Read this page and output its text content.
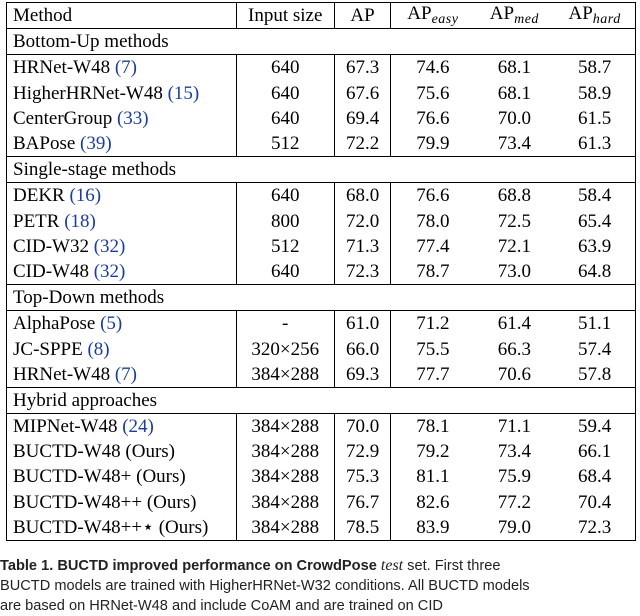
Method	Input size	AP	$AP_{easy}$	$AP_{med}$	$AP_{hard}$
Bottom-Up methods					
HRNet-W48 (7)	640	67.3	74.6	68.1	58.7
HigherHRNet-W48 (15)	640	67.6	75.6	68.1	58.9
CenterGroup (33)	640	69.4	76.6	70.0	61.5
BAPose (39)	512	72.2	79.9	73.4	61.3
Single-stage methods					
DEKR (16)	640	68.0	76.6	68.8	58.4
PETR (18)	800	72.0	78.0	72.5	65.4
CID-W32 (32)	512	71.3	77.4	72.1	63.9
CID-W48 (32)	640	72.3	78.7	73.0	64.8
Top-Down methods					
AlphaPose (5)	-	61.0	71.2	61.4	51.1
JC-SPPE (8)	320×256	66.0	75.5	66.3	57.4
HRNet-W48 (7)	384×288	69.3	77.7	70.6	57.8
Hybrid approaches					
MIPNet-W48 (24)	384×288	70.0	78.1	71.1	59.4
BUCTD-W48 (Ours)	384×288	72.9	79.2	73.4	66.1
BUCTD-W48+ (Ours)	384×288	75.3	81.1	75.9	68.4
BUCTD-W48++ (Ours)	384×288	76.7	82.6	77.2	70.4
BUCTD-W48++⋆ (Ours)	384×288	78.5	83.9	79.0	72.3
Table 1. BUCTD improved performance on CrowdPose test set. First three
BUCTD models are trained with HigherHRNet-W32 conditions. All BUCTD models
are based on HRNet-W48 and include CoAM and are trained on CID
